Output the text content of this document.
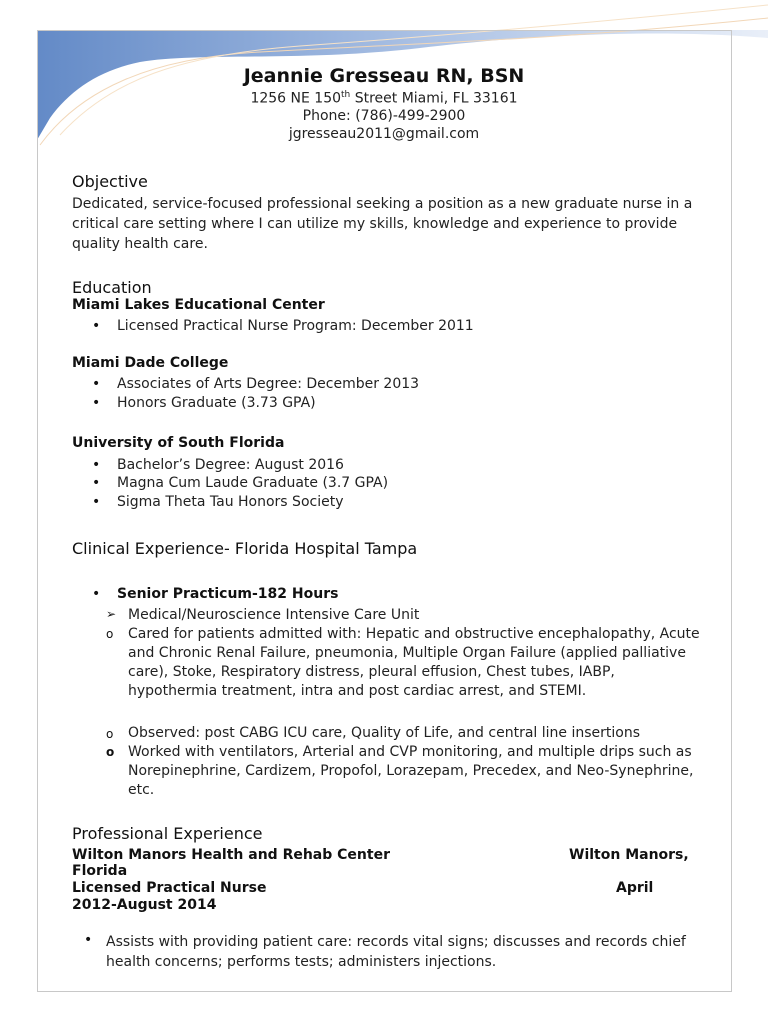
Jeannie Gresseau RN, BSN
1256 NE 150th Street Miami, FL 33161
Phone: (786)-499-2900
jgresseau2011@gmail.com
Objective
Dedicated, service-focused professional seeking a position as a new graduate nurse in a critical care setting where I can utilize my skills, knowledge and experience to provide quality health care.
Education
Miami Lakes Educational Center
• Licensed Practical Nurse Program: December 2011
Miami Dade College
• Associates of Arts Degree: December 2013
• Honors Graduate (3.73 GPA)
University of South Florida
• Bachelor’s Degree: August 2016
• Magna Cum Laude Graduate (3.7 GPA)
• Sigma Theta Tau Honors Society
Clinical Experience- Florida Hospital Tampa
• Senior Practicum-182 Hours
➢ Medical/Neuroscience Intensive Care Unit
o Cared for patients admitted with: Hepatic and obstructive encephalopathy, Acute and Chronic Renal Failure, pneumonia, Multiple Organ Failure (applied palliative care), Stoke, Respiratory distress, pleural effusion, Chest tubes, IABP, hypothermia treatment, intra and post cardiac arrest, and STEMI.
o Observed: post CABG ICU care, Quality of Life, and central line insertions
o Worked with ventilators, Arterial and CVP monitoring, and multiple drips such as Norepinephrine, Cardizem, Propofol, Lorazepam, Precedex, and Neo-Synephrine, etc.
Professional Experience
Wilton Manors Health and Rehab Center	Wilton Manors,
Florida
Licensed Practical Nurse	April
2012-August 2014
• Assists with providing patient care: records vital signs; discusses and records chief health concerns; performs tests; administers injections.
